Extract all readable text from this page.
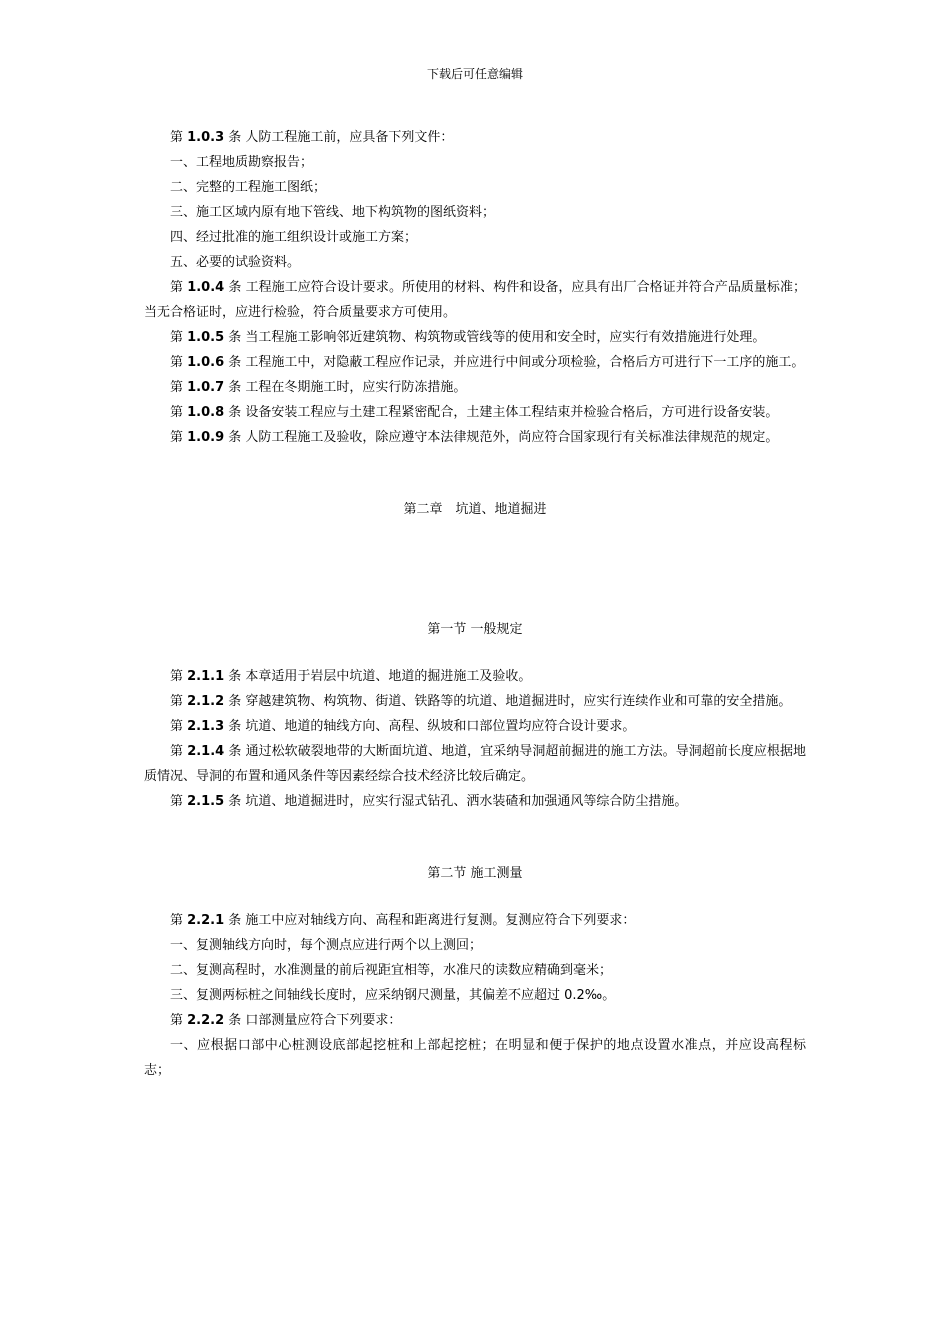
下载后可任意编辑

第 1.0.3 条 人防工程施工前，应具备下列文件：

一、工程地质勘察报告；

二、完整的工程施工图纸；

三、施工区域内原有地下管线、地下构筑物的图纸资料；

四、经过批准的施工组织设计或施工方案；

五、必要的试验资料。

第 1.0.4 条 工程施工应符合设计要求。所使用的材料、构件和设备，应具有出厂合格证并符合产品质量标准；当无合格证时，应进行检验，符合质量要求方可使用。

第 1.0.5 条 当工程施工影响邻近建筑物、构筑物或管线等的使用和安全时，应实行有效措施进行处理。

第 1.0.6 条 工程施工中，对隐蔽工程应作记录，并应进行中间或分项检验，合格后方可进行下一工序的施工。

第 1.0.7 条 工程在冬期施工时，应实行防冻措施。

第 1.0.8 条 设备安装工程应与土建工程紧密配合，土建主体工程结束并检验合格后，方可进行设备安装。

第 1.0.9 条 人防工程施工及验收，除应遵守本法律规范外，尚应符合国家现行有关标准法律规范的规定。

第二章　坑道、地道掘进

第一节 一般规定

第 2.1.1 条 本章适用于岩层中坑道、地道的掘进施工及验收。

第 2.1.2 条 穿越建筑物、构筑物、街道、铁路等的坑道、地道掘进时，应实行连续作业和可靠的安全措施。

第 2.1.3 条 坑道、地道的轴线方向、高程、纵坡和口部位置均应符合设计要求。

第 2.1.4 条 通过松软破裂地带的大断面坑道、地道，宜采纳导洞超前掘进的施工方法。导洞超前长度应根据地质情况、导洞的布置和通风条件等因素经综合技术经济比较后确定。

第 2.1.5 条 坑道、地道掘进时，应实行湿式钻孔、洒水装碴和加强通风等综合防尘措施。

第二节 施工测量

第 2.2.1 条 施工中应对轴线方向、高程和距离进行复测。复测应符合下列要求：

一、复测轴线方向时，每个测点应进行两个以上测回；

二、复测高程时，水准测量的前后视距宜相等，水准尺的读数应精确到毫米；

三、复测两标桩之间轴线长度时，应采纳钢尺测量，其偏差不应超过 0.2‰。

第 2.2.2 条 口部测量应符合下列要求：

一、应根据口部中心桩测设底部起挖桩和上部起挖桩；在明显和便于保护的地点设置水准点，并应设高程标志；
